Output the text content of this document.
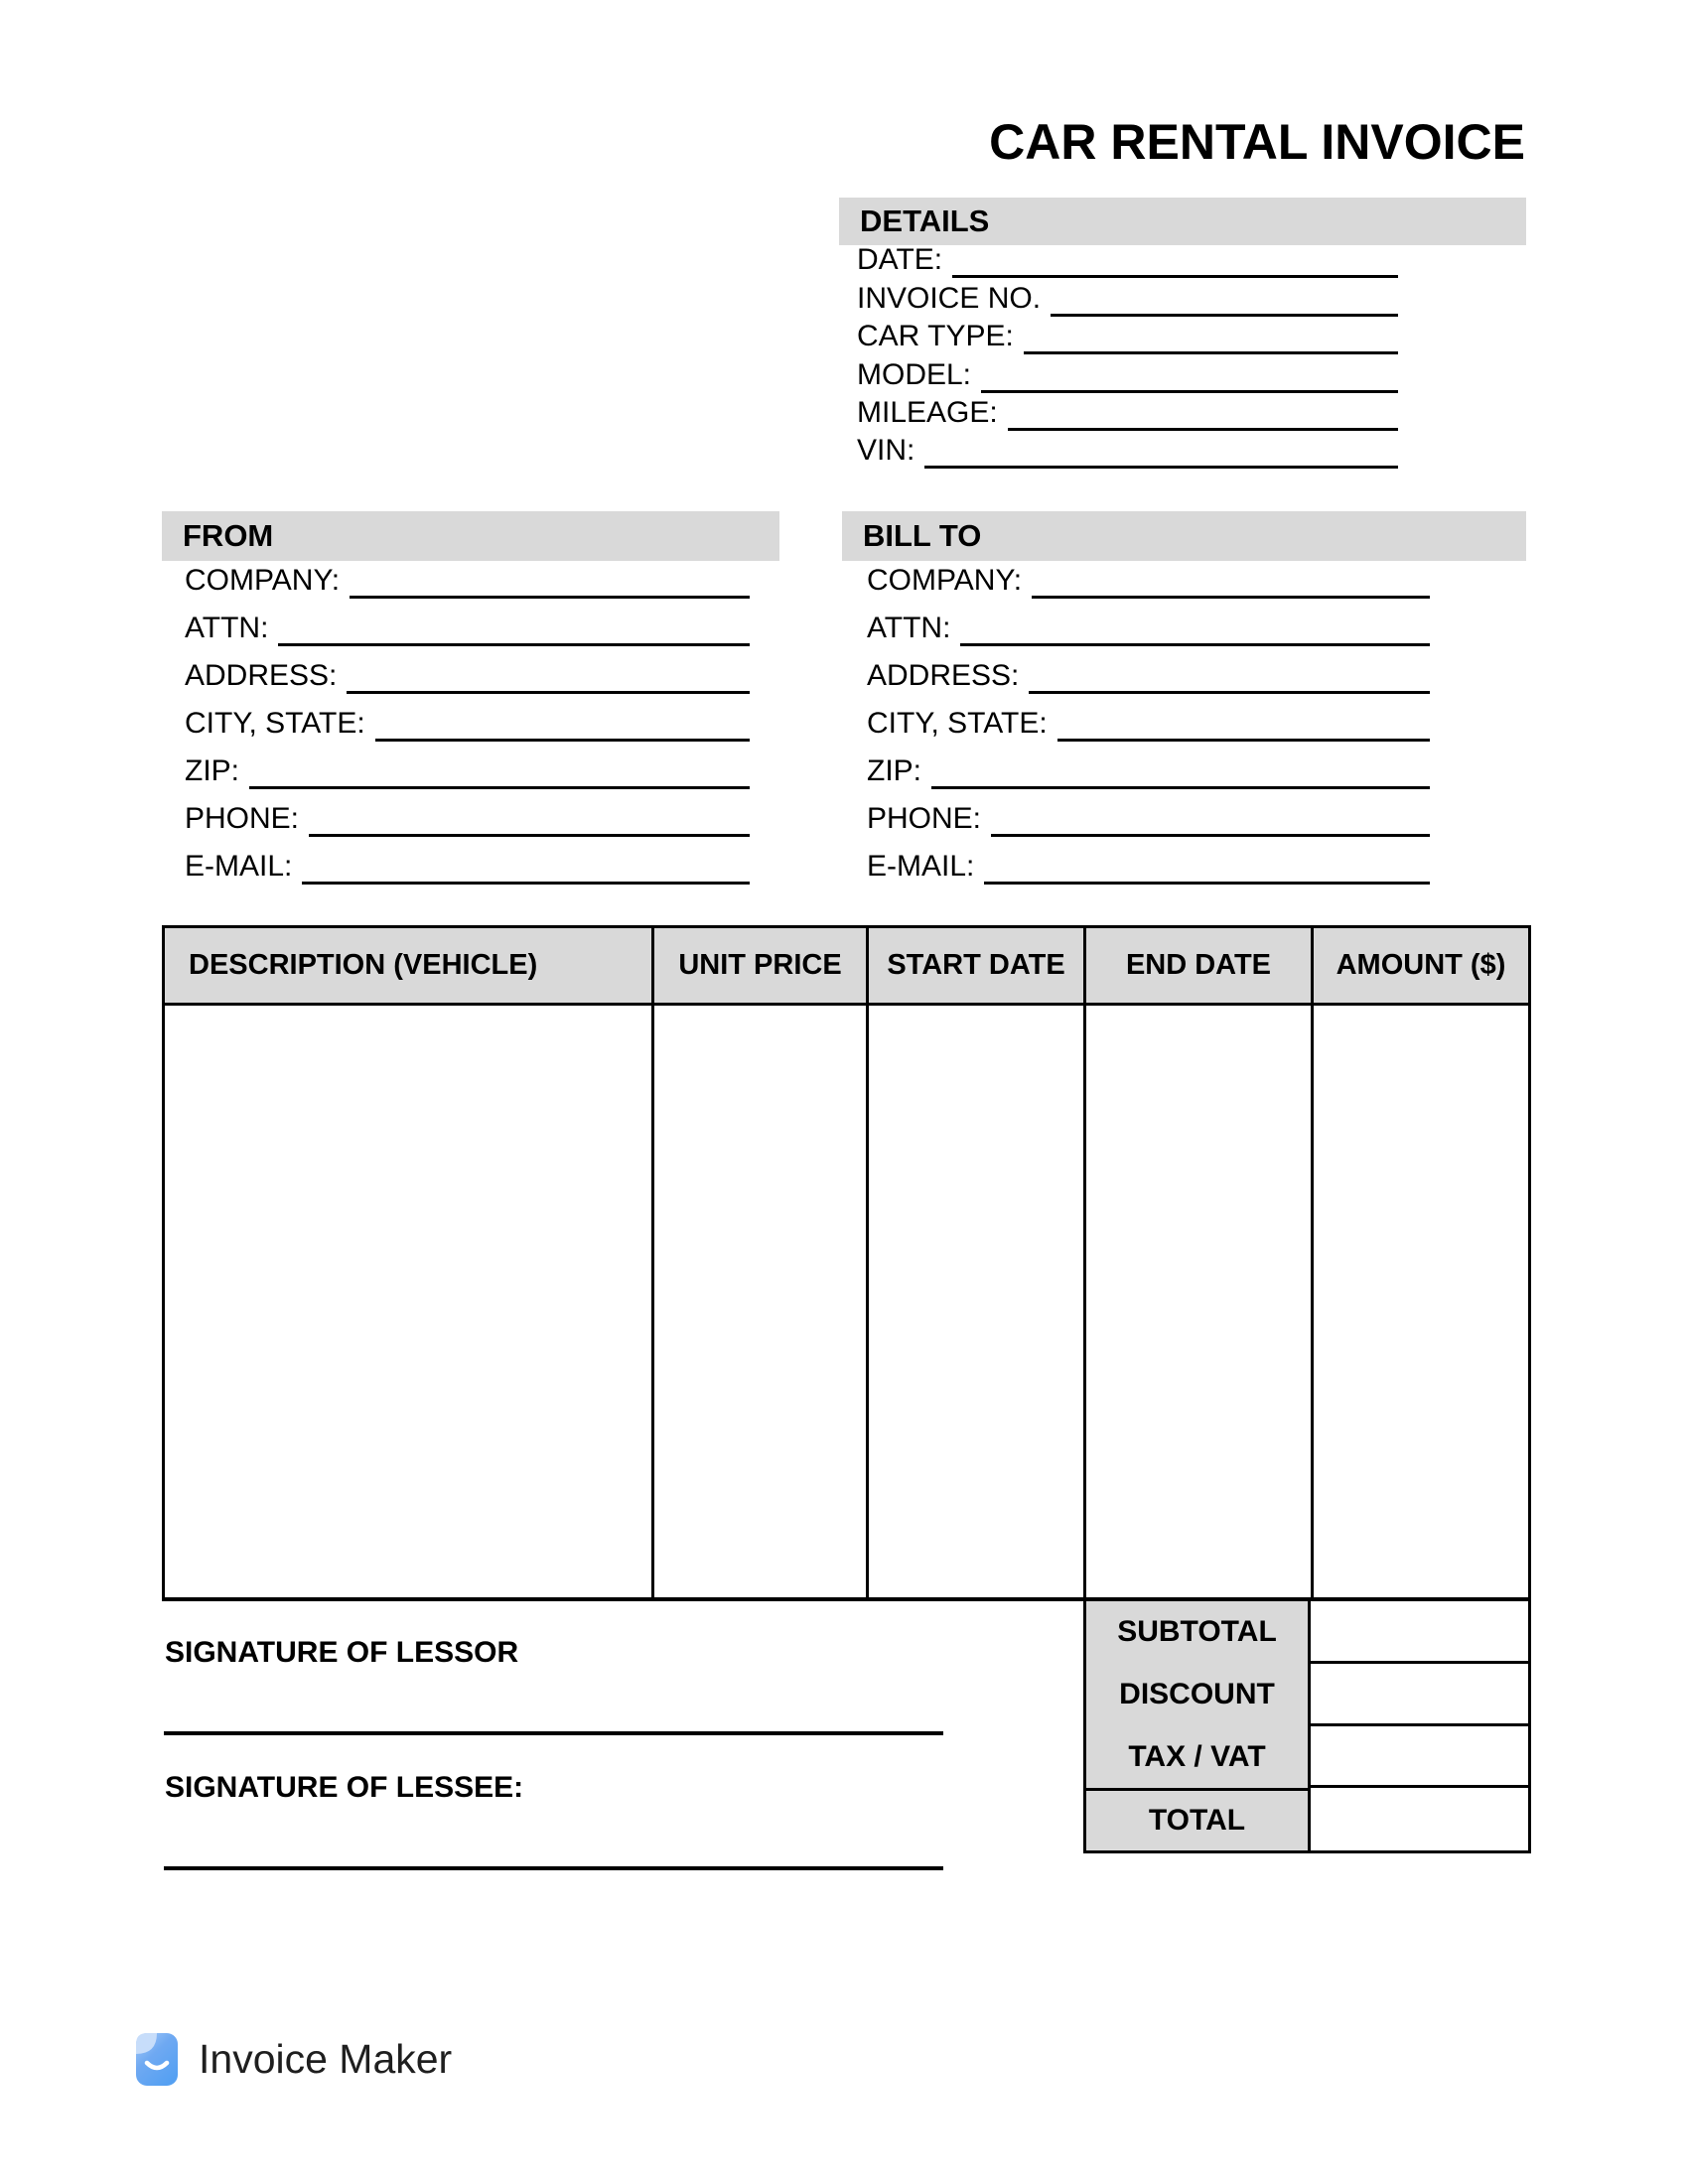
CAR RENTAL INVOICE
DETAILS
DATE:
INVOICE NO.
CAR TYPE:
MODEL:
MILEAGE:
VIN:
FROM
COMPANY:
ATTN:
ADDRESS:
CITY, STATE:
ZIP:
PHONE:
E-MAIL:
BILL TO
COMPANY:
ATTN:
ADDRESS:
CITY, STATE:
ZIP:
PHONE:
E-MAIL:
DESCRIPTION (VEHICLE)	UNIT PRICE	START DATE	END DATE	AMOUNT ($)
SUBTOTAL
DISCOUNT
TAX / VAT
TOTAL
SIGNATURE OF LESSOR
SIGNATURE OF LESSEE:
Invoice Maker
